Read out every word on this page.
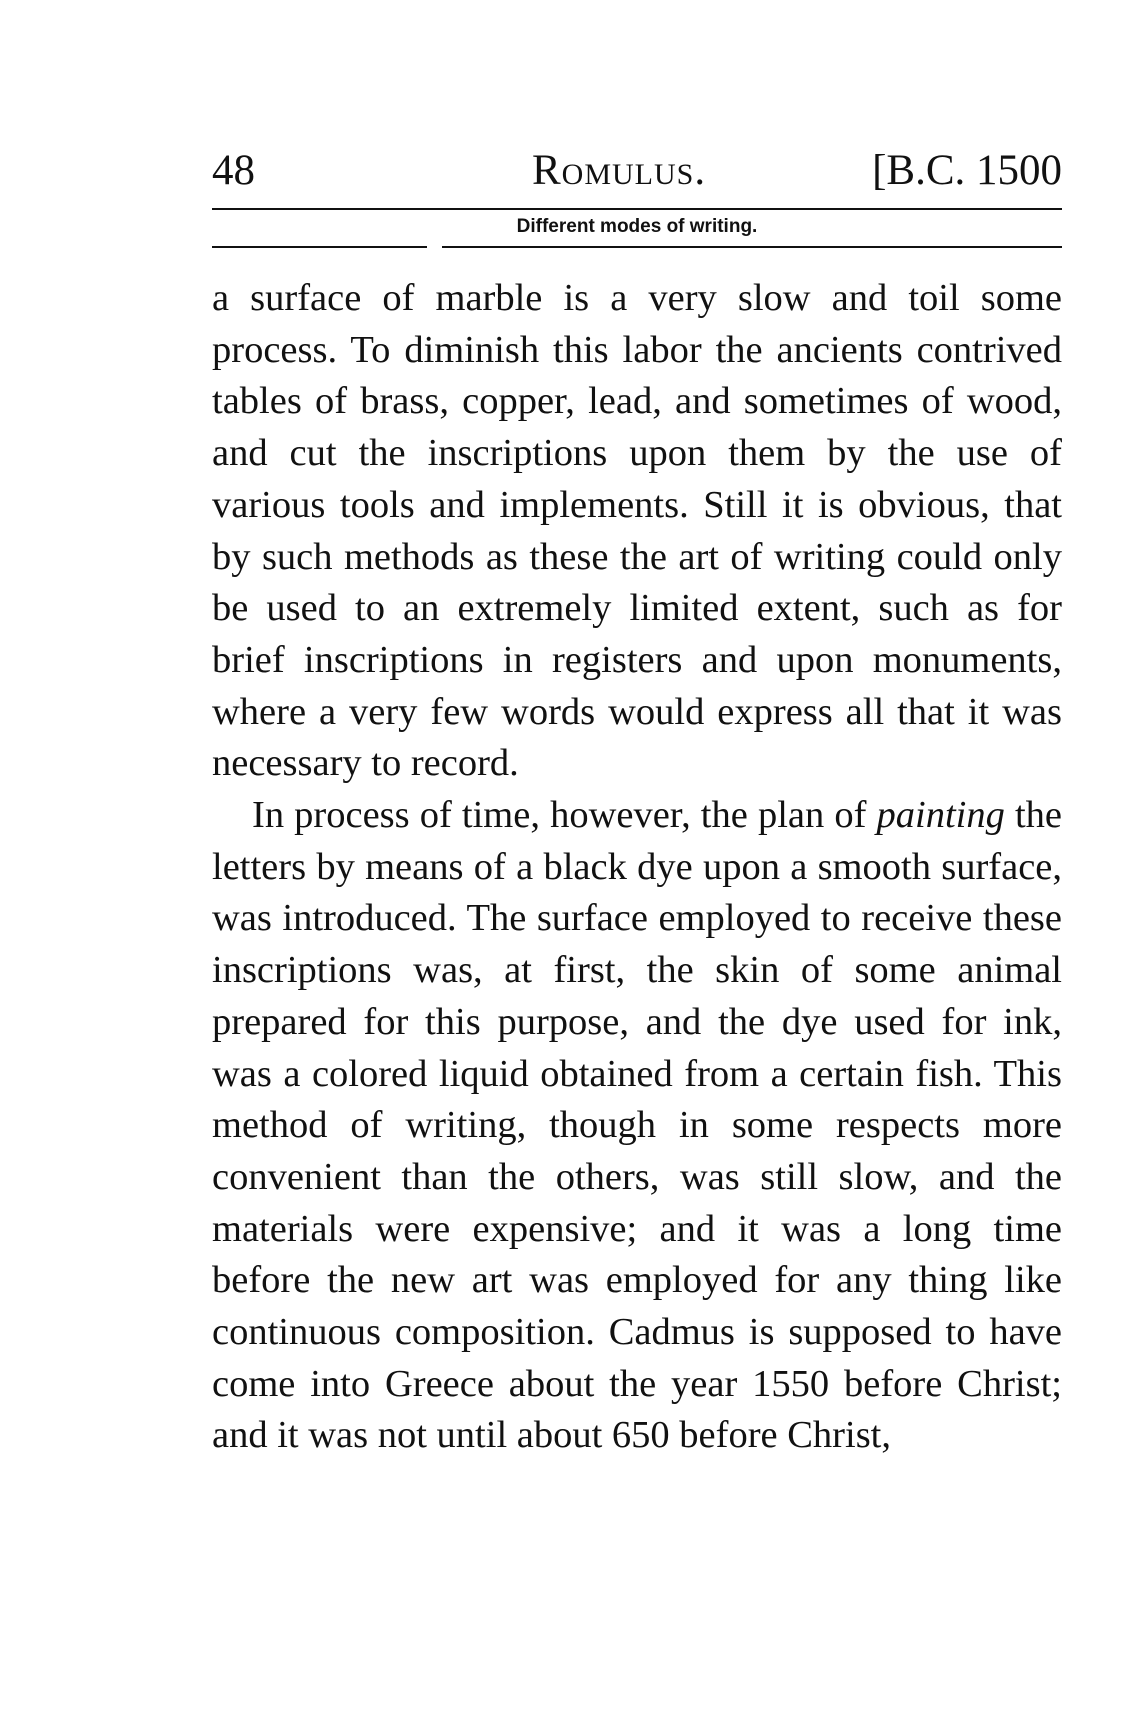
48	Romulus.	[B.C. 1500
Different modes of writing.

a surface of marble is a very slow and toil some process. To diminish this labor the ancients contrived tables of brass, copper, lead, and sometimes of wood, and cut the inscriptions upon them by the use of various tools and implements. Still it is obvious, that by such methods as these the art of writing could only be used to an extremely limited extent, such as for brief inscriptions in registers and upon monuments, where a very few words would express all that it was necessary to record.

In process of time, however, the plan of painting the letters by means of a black dye upon a smooth surface, was introduced. The surface employed to receive these inscriptions was, at first, the skin of some animal prepared for this purpose, and the dye used for ink, was a colored liquid obtained from a certain fish. This method of writing, though in some respects more convenient than the others, was still slow, and the materials were expensive; and it was a long time before the new art was employed for any thing like continuous composition. Cadmus is supposed to have come into Greece about the year 1550 before Christ; and it was not until about 650 before Christ,
